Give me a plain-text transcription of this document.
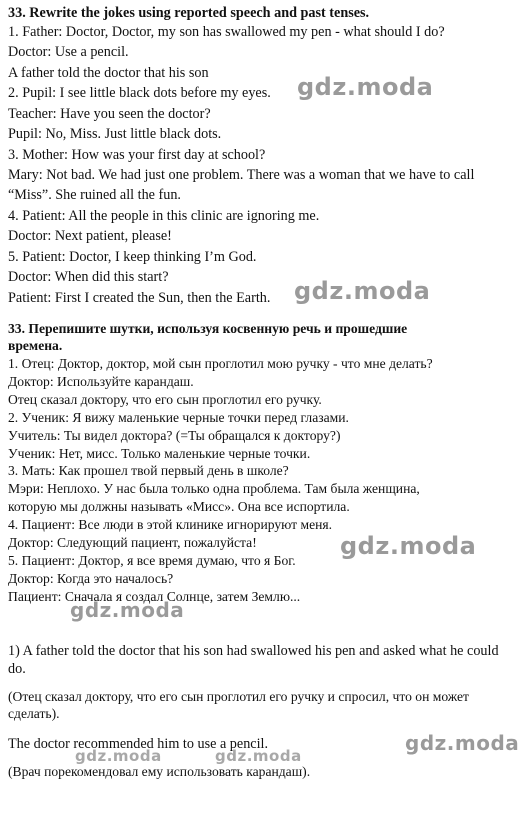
33. Rewrite the jokes using reported speech and past tenses.
1. Father: Doctor, Doctor, my son has swallowed my pen - what should I do?
Doctor: Use a pencil.
A father told the doctor that his son
2. Pupil: I see little black dots before my eyes.
Teacher: Have you seen the doctor?
Pupil: No, Miss. Just little black dots.
3. Mother: How was your first day at school?
Mary: Not bad. We had just one problem. There was a woman that we have to call
“Miss”. She ruined all the fun.
4. Patient: All the people in this clinic are ignoring me.
Doctor: Next patient, please!
5. Patient: Doctor, I keep thinking I’m God.
Doctor: When did this start?
Patient: First I created the Sun, then the Earth.
33. Перепишите шутки, используя косвенную речь и прошедшие
времена.
1. Отец: Доктор, доктор, мой сын проглотил мою ручку - что мне делать?
Доктор: Используйте карандаш.
Отец сказал доктору, что его сын проглотил его ручку.
2. Ученик: Я вижу маленькие черные точки перед глазами.
Учитель: Ты видел доктора? (=Ты обращался к доктору?)
Ученик: Нет, мисс. Только маленькие черные точки.
3. Мать: Как прошел твой первый день в школе?
Мэри: Неплохо. У нас была только одна проблема. Там была женщина,
которую мы должны называть «Мисс». Она все испортила.
4. Пациент: Все люди в этой клинике игнорируют меня.
Доктор: Следующий пациент, пожалуйста!
5. Пациент: Доктор, я все время думаю, что я Бог.
Доктор: Когда это началось?
Пациент: Сначала я создал Солнце, затем Землю...
1) A father told the doctor that his son had swallowed his pen and asked what he could do.
(Отец сказал доктору, что его сын проглотил его ручку и спросил, что он может сделать).
The doctor recommended him to use a pencil.
(Врач порекомендовал ему использовать карандаш).
gdz.moda
gdz.moda
gdz.moda
gdz.moda
gdz.moda
gdz.moda	gdz.moda
